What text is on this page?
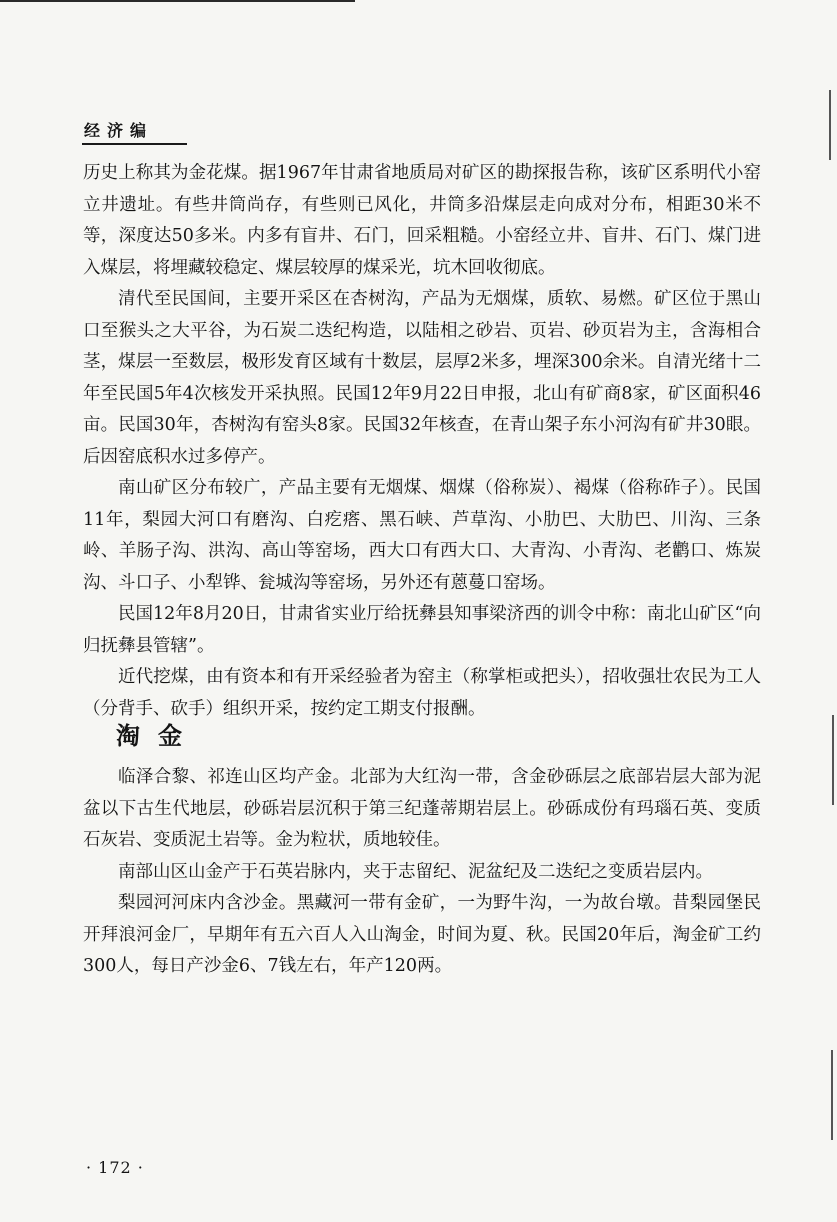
经济编

历史上称其为金花煤。据1967年甘肃省地质局对矿区的勘探报告称，该矿区系明代小窑立井遗址。有些井筒尚存，有些则已风化，井筒多沿煤层走向成对分布，相距30米不等，深度达50多米。内多有盲井、石门，回采粗糙。小窑经立井、盲井、石门、煤门进入煤层，将埋藏较稳定、煤层较厚的煤采光，坑木回收彻底。

清代至民国间，主要开采区在杏树沟，产品为无烟煤，质软、易燃。矿区位于黑山口至猴头之大平谷，为石炭二迭纪构造，以陆相之砂岩、页岩、砂页岩为主，含海相合茎，煤层一至数层，极形发育区域有十数层，层厚2米多，埋深300余米。自清光绪十二年至民国5年4次核发开采执照。民国12年9月22日申报，北山有矿商8家，矿区面积46亩。民国30年，杏树沟有窑头8家。民国32年核查，在青山架子东小河沟有矿井30眼。后因窑底积水过多停产。

南山矿区分布较广，产品主要有无烟煤、烟煤（俗称炭）、褐煤（俗称砟子）。民国11年，梨园大河口有磨沟、白疙瘩、黑石峡、芦草沟、小肋巴、大肋巴、川沟、三条岭、羊肠子沟、洪沟、高山等窑场，西大口有西大口、大青沟、小青沟、老鹳口、炼炭沟、斗口子、小犁铧、瓮城沟等窑场，另外还有蒽蔓口窑场。

民国12年8月20日，甘肃省实业厅给抚彝县知事梁济西的训令中称：南北山矿区“向归抚彝县管辖”。

近代挖煤，由有资本和有开采经验者为窑主（称掌柜或把头），招收强壮农民为工人（分背手、砍手）组织开采，按约定工期支付报酬。

淘金

临泽合黎、祁连山区均产金。北部为大红沟一带，含金砂砾层之底部岩层大部为泥盆以下古生代地层，砂砾岩层沉积于第三纪蓬蒂期岩层上。砂砾成份有玛瑙石英、变质石灰岩、变质泥土岩等。金为粒状，质地较佳。

南部山区山金产于石英岩脉内，夹于志留纪、泥盆纪及二迭纪之变质岩层内。

梨园河河床内含沙金。黑藏河一带有金矿，一为野牛沟，一为故台墩。昔梨园堡民开拜浪河金厂，早期年有五六百人入山淘金，时间为夏、秋。民国20年后，淘金矿工约300人，每日产沙金6、7钱左右，年产120两。

· 172 ·
